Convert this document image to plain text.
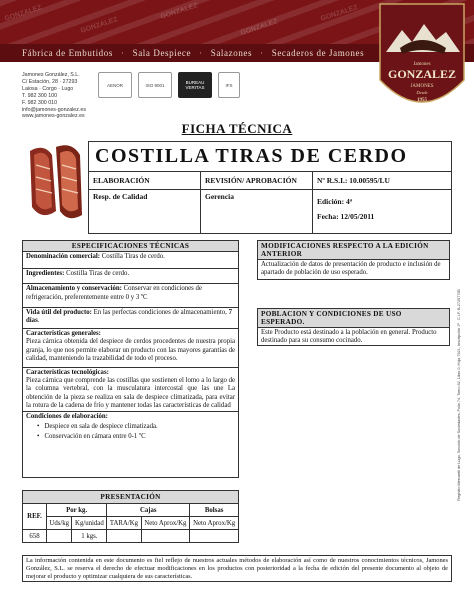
GONZALEZ
GONZALEZ
GONZALEZ
GONZALEZ
GONZALEZ
Fábrica de Embutidos · Sala Despiece · Salazones · Secaderos de Jamones
Jamones
GONZALEZ
JAMONES
Desde
1955
Jamones González, S.L.
C/ Estación, 28 · 27293
Laiosa · Corgo · Lugo
T. 982 300 100
F. 982 300 010
info@jamones-gonzalez.es
www.jamones-gonzalez.es
AENOR	ISO 9001	BUREAU VERITAS	IFS
FICHA TÉCNICA
COSTILLA TIRAS DE CERDO		
ELABORACIÓN	REVISIÓN/ APROBACIÓN	Nº R.S.I.: 10.00595/LU
Resp. de Calidad	Gerencia	Edición: 4ª
Fecha: 12/05/2011
ESPECIFICACIONES TÉCNICAS
Denominación comercial: Costilla Tiras de cerdo.
Ingredientes: Costilla Tiras de cerdo.
Almacenamiento y conservación: Conservar en condiciones de refrigeración, preferentemente entre 0 y 3 ºC
Vida útil del producto: En las perfectas condiciones de almacenamiento, 7 días.
Características generales:
Pieza cárnica obtenida del despiece de cerdos procedentes de nuestra propia granja, lo que nos permite elaborar un producto con las mayores garantías de calidad, manteniendo la trazabilidad de todo el proceso.
Características tecnológicas:
Pieza cárnica que comprende las costillas que sostienen el lomo a lo largo de la columna vertebral, con la musculatura intercostal que las une La obtención de la pieza se realiza en sala de despiece climatizada, para evitar la rotura de la cadena de frío y mantener todas las características de calidad
Condiciones de elaboración:
•   Despiece en sala de despiece climatizada.
•   Conservación en cámara entre 0-1 ºC
MODIFICACIONES RESPECTO A LA EDICIÓN ANTERIOR
Actualización de datos de presentación de producto e inclusión de apartado de población de uso esperado.
POBLACION Y CONDICIONES DE USO ESPERADO.
Este Producto está destinado a la población en general. Producto destinado para su consumo cocinado.
PRESENTACIÓN					
REF.	Por kg.		Cajas		Bolsas
	Uds/kg	Kg/unidad	TARA/Kg	Neto Aprox/Kg	Neto Aprox/Kg
658		1 kgs.			
La información contenida en este documento es fiel reflejo de nuestros actuales métodos de elaboración así como de nuestros conocimientos técnicos, Jamones González, S.L. se reserva el derecho de efectuar modificaciones en los productos con posterioridad a la fecha de edición del presente documento al objeto de mejorar el producto y optimizar cualquiera de sus características.
Registro Mercantil de Lugo, Sección de Sociedades, Folio 74, Tomo 62, Libro 0, Hoja 7621, Inscripción 1ª · C.I.F. B-27257765
